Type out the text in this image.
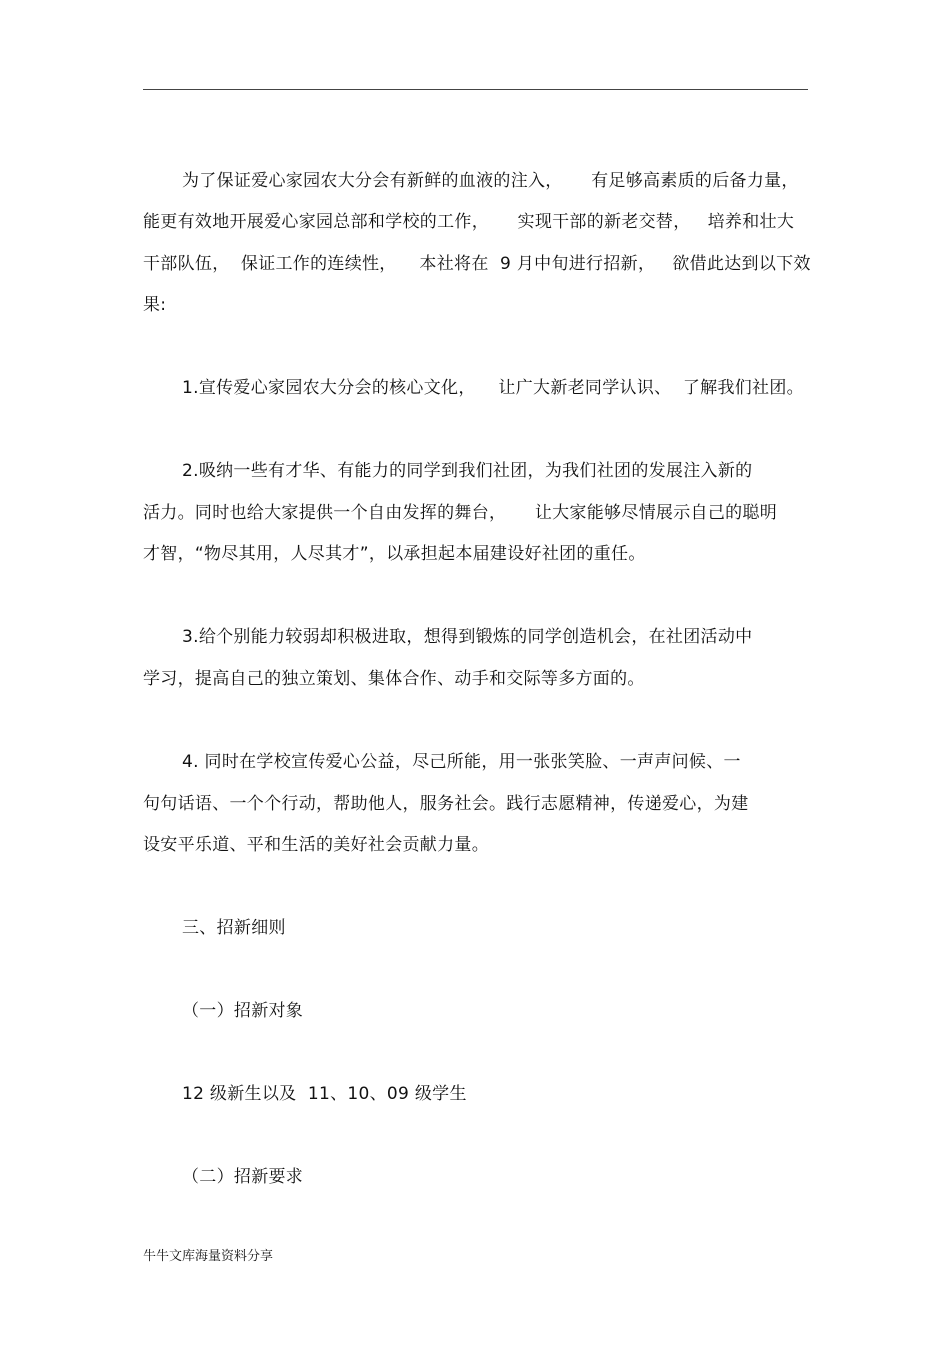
为了保证爱心家园农大分会有新鲜的血液的注入，     有足够高素质的后备力量，
能更有效地开展爱心家园总部和学校的工作，     实现干部的新老交替，   培养和壮大
干部队伍，  保证工作的连续性，    本社将在  9 月中旬进行招新，   欲借此达到以下效
果:
1.宣传爱心家园农大分会的核心文化，    让广大新老同学认识、  了解我们社团。
2.吸纳一些有才华、有能力的同学到我们社团，为我们社团的发展注入新的
活力。同时也给大家提供一个自由发挥的舞台，     让大家能够尽情展示自己的聪明
才智，“物尽其用，人尽其才”，以承担起本届建设好社团的重任。
3.给个别能力较弱却积极进取，想得到锻炼的同学创造机会，在社团活动中
学习，提高自己的独立策划、集体合作、动手和交际等多方面的。
4. 同时在学校宣传爱心公益，尽己所能，用一张张笑脸、一声声问候、一
句句话语、一个个行动，帮助他人，服务社会。践行志愿精神，传递爱心，为建
设安平乐道、平和生活的美好社会贡献力量。
三、招新细则
（一）招新对象
12 级新生以及  11、10、09 级学生
（二）招新要求
牛牛文库海量资料分享
